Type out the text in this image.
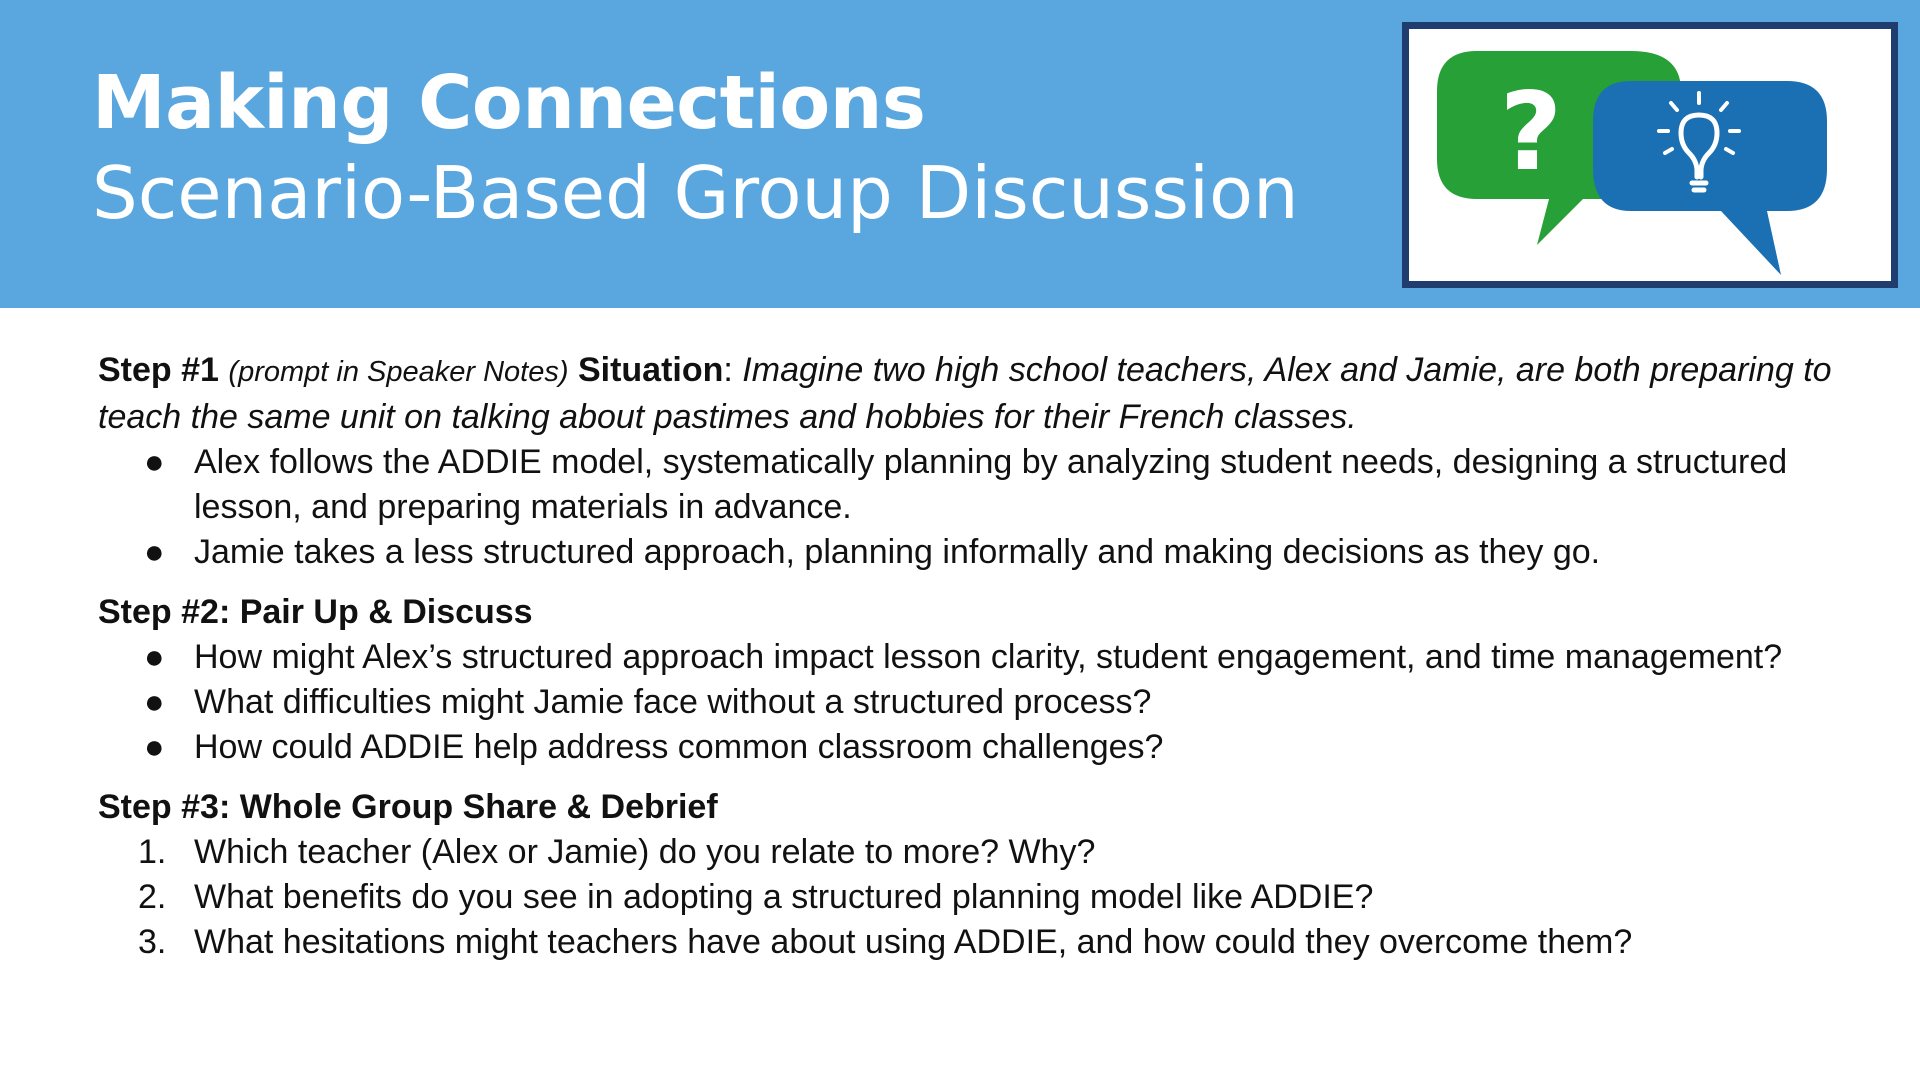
Making Connections
Scenario-Based Group Discussion ?

Step #1 (prompt in Speaker Notes) Situation: Imagine two high school teachers, Alex and Jamie, are both preparing to teach the same unit on talking about pastimes and hobbies for their French classes.

● Alex follows the ADDIE model, systematically planning by analyzing student needs, designing a structured lesson, and preparing materials in advance.
● Jamie takes a less structured approach, planning informally and making decisions as they go.

Step #2: Pair Up & Discuss

● How might Alex’s structured approach impact lesson clarity, student engagement, and time management?
● What difficulties might Jamie face without a structured process?
● How could ADDIE help address common classroom challenges?

Step #3: Whole Group Share & Debrief

1. Which teacher (Alex or Jamie) do you relate to more? Why?
2. What benefits do you see in adopting a structured planning model like ADDIE?
3. What hesitations might teachers have about using ADDIE, and how could they overcome them?
